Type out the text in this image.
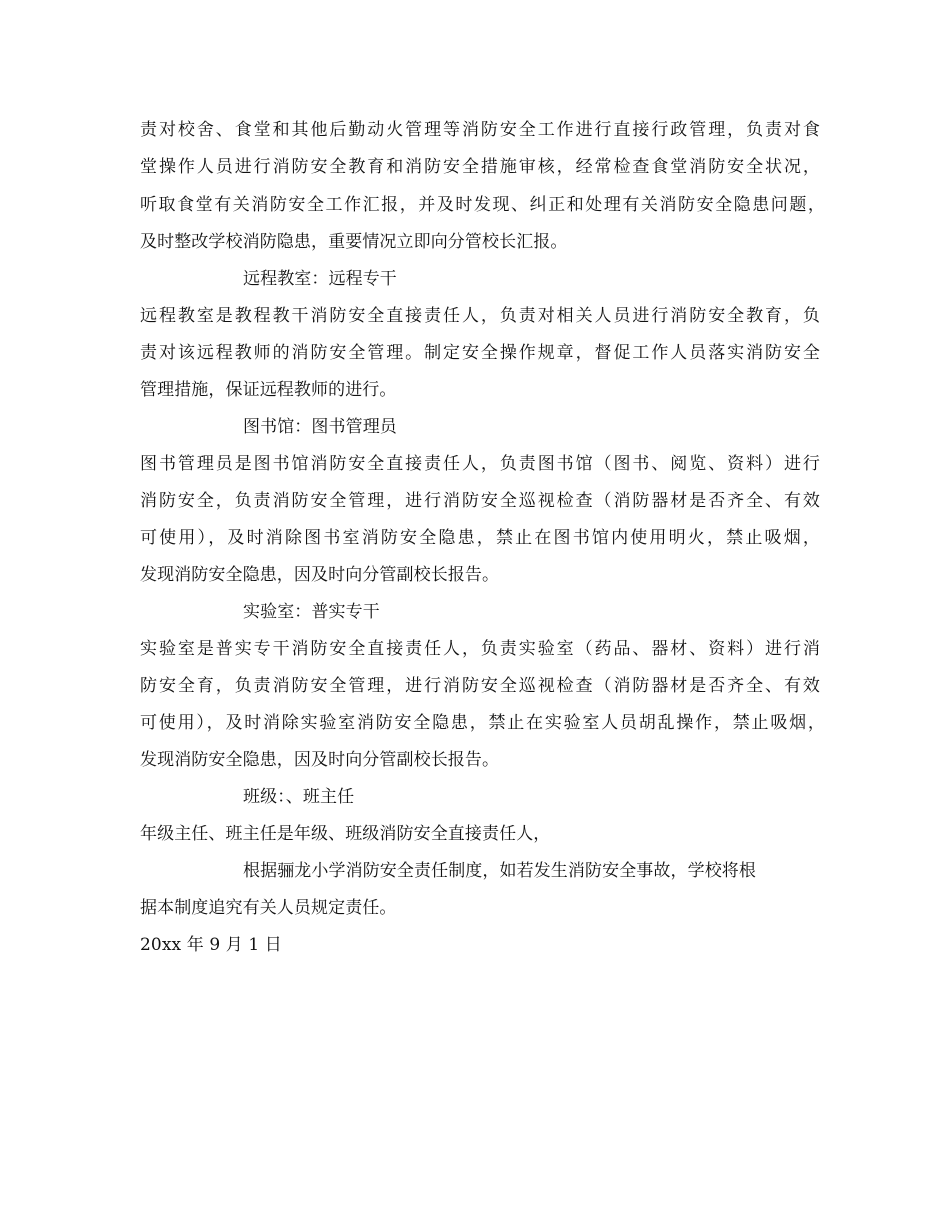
责对校舍、食堂和其他后勤动火管理等消防安全工作进行直接行政管理，负责对食
堂操作人员进行消防安全教育和消防安全措施审核，经常检查食堂消防安全状况，
听取食堂有关消防安全工作汇报，并及时发现、纠正和处理有关消防安全隐患问题，
及时整改学校消防隐患，重要情况立即向分管校长汇报。
远程教室：远程专干
远程教室是教程教干消防安全直接责任人，负责对相关人员进行消防安全教育，负
责对该远程教师的消防安全管理。制定安全操作规章，督促工作人员落实消防安全
管理措施，保证远程教师的进行。
图书馆：图书管理员
图书管理员是图书馆消防安全直接责任人，负责图书馆（图书、阅览、资料）进行
消防安全，负责消防安全管理，进行消防安全巡视检查（消防器材是否齐全、有效
可使用），及时消除图书室消防安全隐患，禁止在图书馆内使用明火，禁止吸烟，
发现消防安全隐患，因及时向分管副校长报告。
实验室：普实专干
实验室是普实专干消防安全直接责任人，负责实验室（药品、器材、资料）进行消
防安全育，负责消防安全管理，进行消防安全巡视检查（消防器材是否齐全、有效
可使用），及时消除实验室消防安全隐患，禁止在实验室人员胡乱操作，禁止吸烟，
发现消防安全隐患，因及时向分管副校长报告。
班级：、班主任
年级主任、班主任是年级、班级消防安全直接责任人，
根据骊龙小学消防安全责任制度，如若发生消防安全事故，学校将根
据本制度追究有关人员规定责任。
20xx 年 9 月 1 日
